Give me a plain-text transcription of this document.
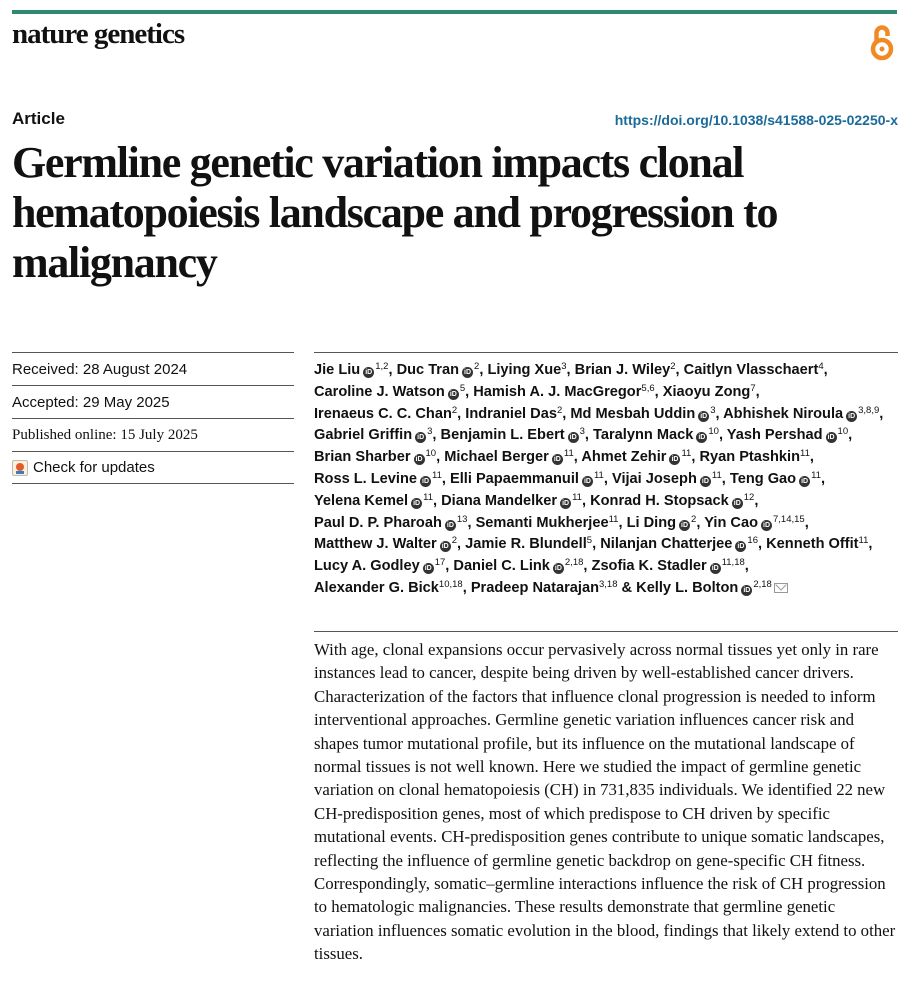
nature genetics
Article	https://doi.org/10.1038/s41588-025-02250-x
Germline genetic variation impacts clonal hematopoiesis landscape and progression to malignancy
Received: 28 August 2024
Accepted: 29 May 2025
Published online: 15 July 2025
Check for updates
Jie Liu iD$^{1,2}$, Duc Tran $iD^2$, Liying Xue$^3$, Brian J. Wiley$^2$, Caitlyn Vlasschaert$^4$, Caroline J. Watson $iD^5$, Hamish A. J. MacGregor$^{5,6}$, Xiaoyu Zong$^7$, Irenaeus C. C. Chan$^2$, Indraniel Das$^2$, Md Mesbah Uddin $iD^3$, Abhishek Niroula iD$^{3,8,9}$, Gabriel Griffin $iD^3$, Benjamin L. Ebert $iD^3$, Taralynn Mack $iD^{10}$, Yash Pershad $iD^{10}$, Brian Sharber $iD^{10}$, Michael Berger $iD^{11}$, Ahmet Zehir $iD^{11}$, Ryan Ptashkin$^{11}$, Ross L. Levine $iD^{11}$, Elli Papaemmanuil $iD^{11}$, Vijai Joseph $iD^{11}$, Teng Gao $iD^{11}$, Yelena Kemel $iD^{11}$, Diana Mandelker $iD^{11}$, Konrad H. Stopsack $iD^{12}$, Paul D. P. Pharoah $iD^{13}$, Semanti Mukherjee$^{11}$, Li Ding $iD^2$, Yin Cao iD$^{7,14,15}$, Matthew J. Walter $iD^2$, Jamie R. Blundell$^5$, Nilanjan Chatterjee $iD^{16}$, Kenneth Offit$^{11}$, Lucy A. Godley $iD^{17}$, Daniel C. Link iD$^{2,18}$, Zsofia K. Stadler iD$^{11,18}$, Alexander G. Bick$^{10,18}$, Pradeep Natarajan$^{3,18}$ & Kelly L. Bolton iD$^{2,18}$

With age, clonal expansions occur pervasively across normal tissues yet only in rare instances lead to cancer, despite being driven by well-established cancer drivers. Characterization of the factors that influence clonal progression is needed to inform interventional approaches. Germline genetic variation influences cancer risk and shapes tumor mutational profile, but its influence on the mutational landscape of normal tissues is not well known. Here we studied the impact of germline genetic variation on clonal hematopoiesis (CH) in 731,835 individuals. We identified 22 new CH-predisposition genes, most of which predispose to CH driven by specific mutational events. CH-predisposition genes contribute to unique somatic landscapes, reflecting the influence of germline genetic backdrop on gene-specific CH fitness. Correspondingly, somatic–germline interactions influence the risk of CH progression to hematologic malignancies. These results demonstrate that germline genetic variation influences somatic evolution in the blood, findings that likely extend to other tissues.
